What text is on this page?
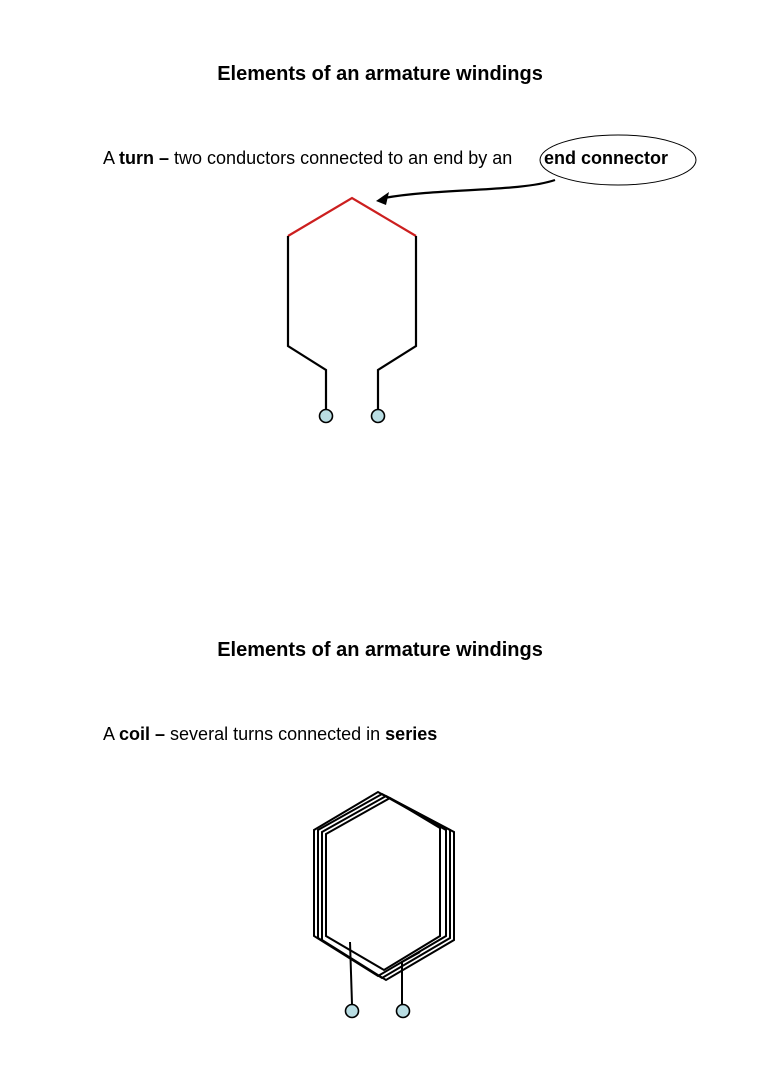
Elements of an armature windings
A turn – two conductors connected to an end by an end connector
Elements of an armature windings
A coil – several turns connected in series
